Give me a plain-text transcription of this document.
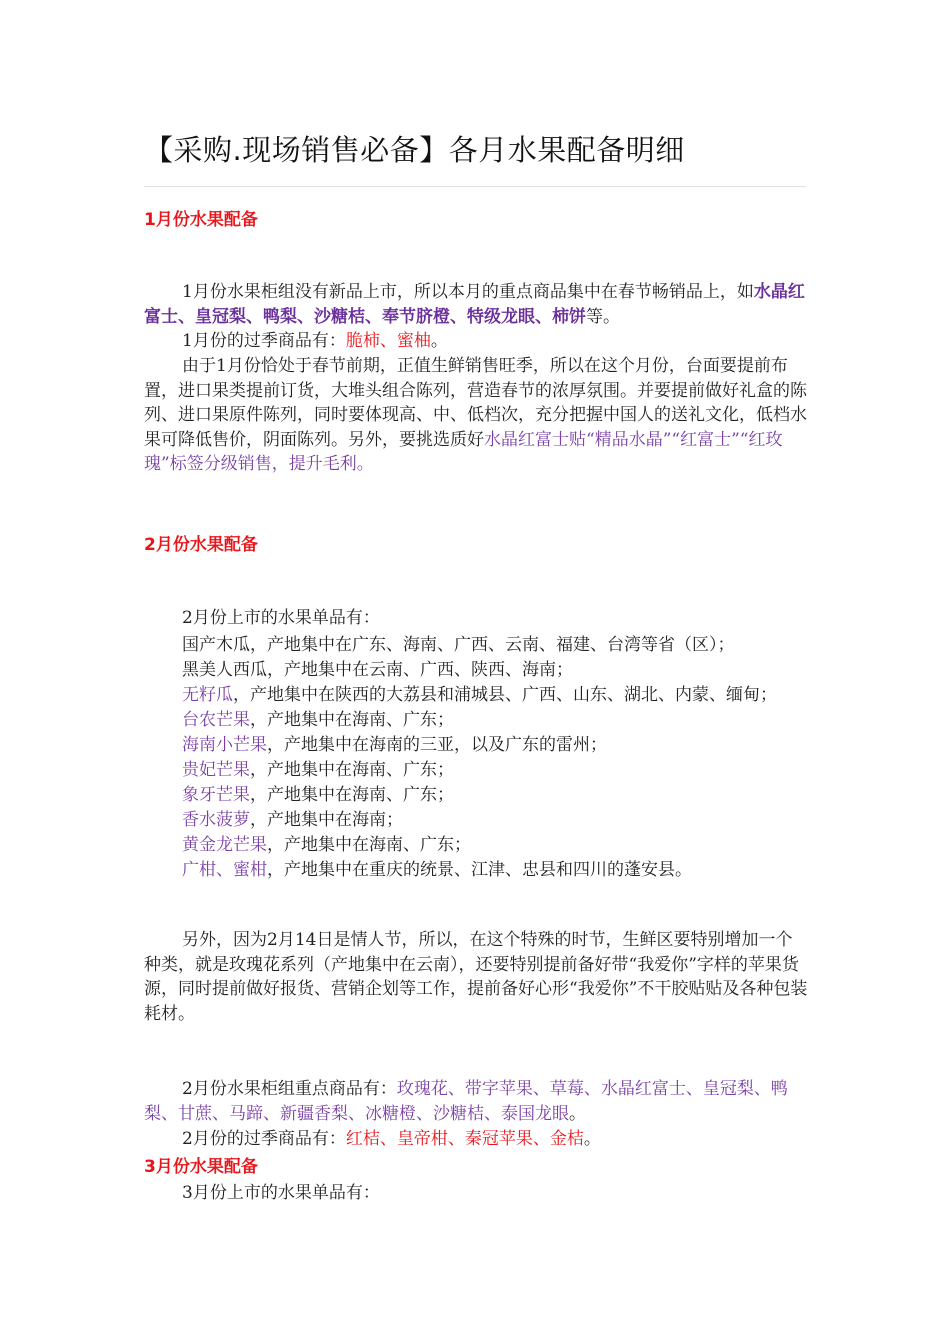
【采购.现场销售必备】各月水果配备明细
1月份水果配备
1月份水果柜组没有新品上市，所以本月的重点商品集中在春节畅销品上，如水晶红富士、皇冠梨、鸭梨、沙糖桔、奉节脐橙、特级龙眼、柿饼等。
1月份的过季商品有：脆柿、蜜柚。
由于1月份恰处于春节前期，正值生鲜销售旺季，所以在这个月份，台面要提前布置，进口果类提前订货，大堆头组合陈列，营造春节的浓厚氛围。并要提前做好礼盒的陈列、进口果原件陈列，同时要体现高、中、低档次，充分把握中国人的送礼文化，低档水果可降低售价，阴面陈列。另外，要挑选质好水晶红富士贴“精品水晶”“红富士”“红玫瑰”标签分级销售，提升毛利。
2月份水果配备
2月份上市的水果单品有：
国产木瓜，产地集中在广东、海南、广西、云南、福建、台湾等省（区）；
黑美人西瓜，产地集中在云南、广西、陕西、海南；
无籽瓜，产地集中在陕西的大荔县和浦城县、广西、山东、湖北、内蒙、缅甸；
台农芒果，产地集中在海南、广东；
海南小芒果，产地集中在海南的三亚，以及广东的雷州；
贵妃芒果，产地集中在海南、广东；
象牙芒果，产地集中在海南、广东；
香水菠萝，产地集中在海南；
黄金龙芒果，产地集中在海南、广东；
广柑、蜜柑，产地集中在重庆的统景、江津、忠县和四川的蓬安县。
另外，因为2月14日是情人节，所以，在这个特殊的时节，生鲜区要特别增加一个种类，就是玫瑰花系列（产地集中在云南），还要特别提前备好带“我爱你”字样的苹果货源，同时提前做好报货、营销企划等工作，提前备好心形“我爱你”不干胶贴贴及各种包装耗材。
2月份水果柜组重点商品有：玫瑰花、带字苹果、草莓、水晶红富士、皇冠梨、鸭梨、甘蔗、马蹄、新疆香梨、冰糖橙、沙糖桔、泰国龙眼。
2月份的过季商品有：红桔、皇帝柑、秦冠苹果、金桔。
3月份水果配备
3月份上市的水果单品有：
